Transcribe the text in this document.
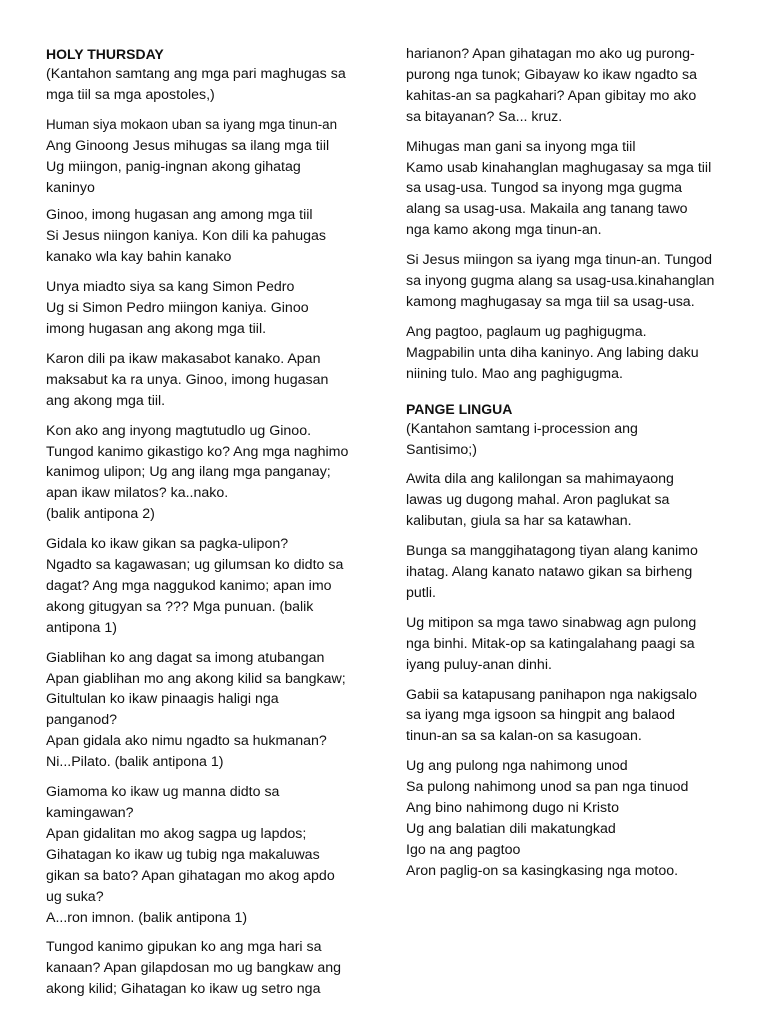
HOLY THURSDAY
(Kantahon samtang ang mga pari maghugas sa
mga tiil sa mga apostoles,)
Human siya mokaon uban sa iyang mga tinun-an
Ang Ginoong Jesus mihugas sa ilang mga tiil
Ug miingon, panig-ingnan akong gihatag
kaninyo
Ginoo, imong hugasan ang among mga tiil
Si Jesus niingon kaniya. Kon dili ka pahugas
kanako wla kay bahin kanako
Unya miadto siya sa kang Simon Pedro
Ug si Simon Pedro miingon kaniya. Ginoo
imong hugasan ang akong mga tiil.
Karon dili pa ikaw makasabot kanako. Apan
maksabut ka ra unya. Ginoo, imong hugasan
ang akong mga tiil.
Kon ako ang inyong magtutudlo ug Ginoo.
Tungod kanimo gikastigo ko? Ang mga naghimo
kanimog ulipon; Ug ang ilang mga panganay;
apan ikaw milatos? ka..nako.
(balik antipona 2)
Gidala ko ikaw gikan sa pagka-ulipon?
Ngadto sa kagawasan; ug gilumsan ko didto sa
dagat? Ang mga naggukod kanimo; apan imo
akong gitugyan sa ??? Mga punuan. (balik
antipona 1)
Giablihan ko ang dagat sa imong atubangan
Apan giablihan mo ang akong kilid sa bangkaw;
Gitultulan ko ikaw pinaagis haligi nga
panganod?
Apan gidala ako nimu ngadto sa hukmanan?
Ni...Pilato. (balik antipona 1)
Giamoma ko ikaw ug manna didto sa
kamingawan?
Apan gidalitan mo akog sagpa ug lapdos;
Gihatagan ko ikaw ug tubig nga makaluwas
gikan sa bato? Apan gihatagan mo akog apdo
ug suka?
A...ron imnon. (balik antipona 1)
Tungod kanimo gipukan ko ang mga hari sa
kanaan? Apan gilapdosan mo ug bangkaw ang
akong kilid; Gihatagan ko ikaw ug setro nga
harianon? Apan gihatagan mo ako ug purong-
purong nga tunok; Gibayaw ko ikaw ngadto sa
kahitas-an sa pagkahari? Apan gibitay mo ako
sa bitayanan? Sa... kruz.
Mihugas man gani sa inyong mga tiil
Kamo usab kinahanglan maghugasay sa mga tiil
sa usag-usa. Tungod sa inyong mga gugma
alang sa usag-usa. Makaila ang tanang tawo
nga kamo akong mga tinun-an.
Si Jesus miingon sa iyang mga tinun-an. Tungod
sa inyong gugma alang sa usag-usa.kinahanglan
kamong maghugasay sa mga tiil sa usag-usa.
Ang pagtoo, paglaum ug paghigugma.
Magpabilin unta diha kaninyo. Ang labing daku
niining tulo. Mao ang paghigugma.
PANGE LINGUA
(Kantahon samtang i-procession ang
Santisimo;)
Awita dila ang kalilongan sa mahimayaong
lawas ug dugong mahal. Aron paglukat sa
kalibutan, giula sa har sa katawhan.
Bunga sa manggihatagong tiyan alang kanimo
ihatag. Alang kanato natawo gikan sa birheng
putli.
Ug mitipon sa mga tawo sinabwag agn pulong
nga binhi. Mitak-op sa katingalahang paagi sa
iyang puluy-anan dinhi.
Gabii sa katapusang panihapon nga nakigsalo
sa iyang mga igsoon sa hingpit ang balaod
tinun-an sa sa kalan-on sa kasugoan.
Ug ang pulong nga nahimong unod
Sa pulong nahimong unod sa pan nga tinuod
Ang bino nahimong dugo ni Kristo
Ug ang balatian dili makatungkad
Igo na ang pagtoo
Aron paglig-on sa kasingkasing nga motoo.
